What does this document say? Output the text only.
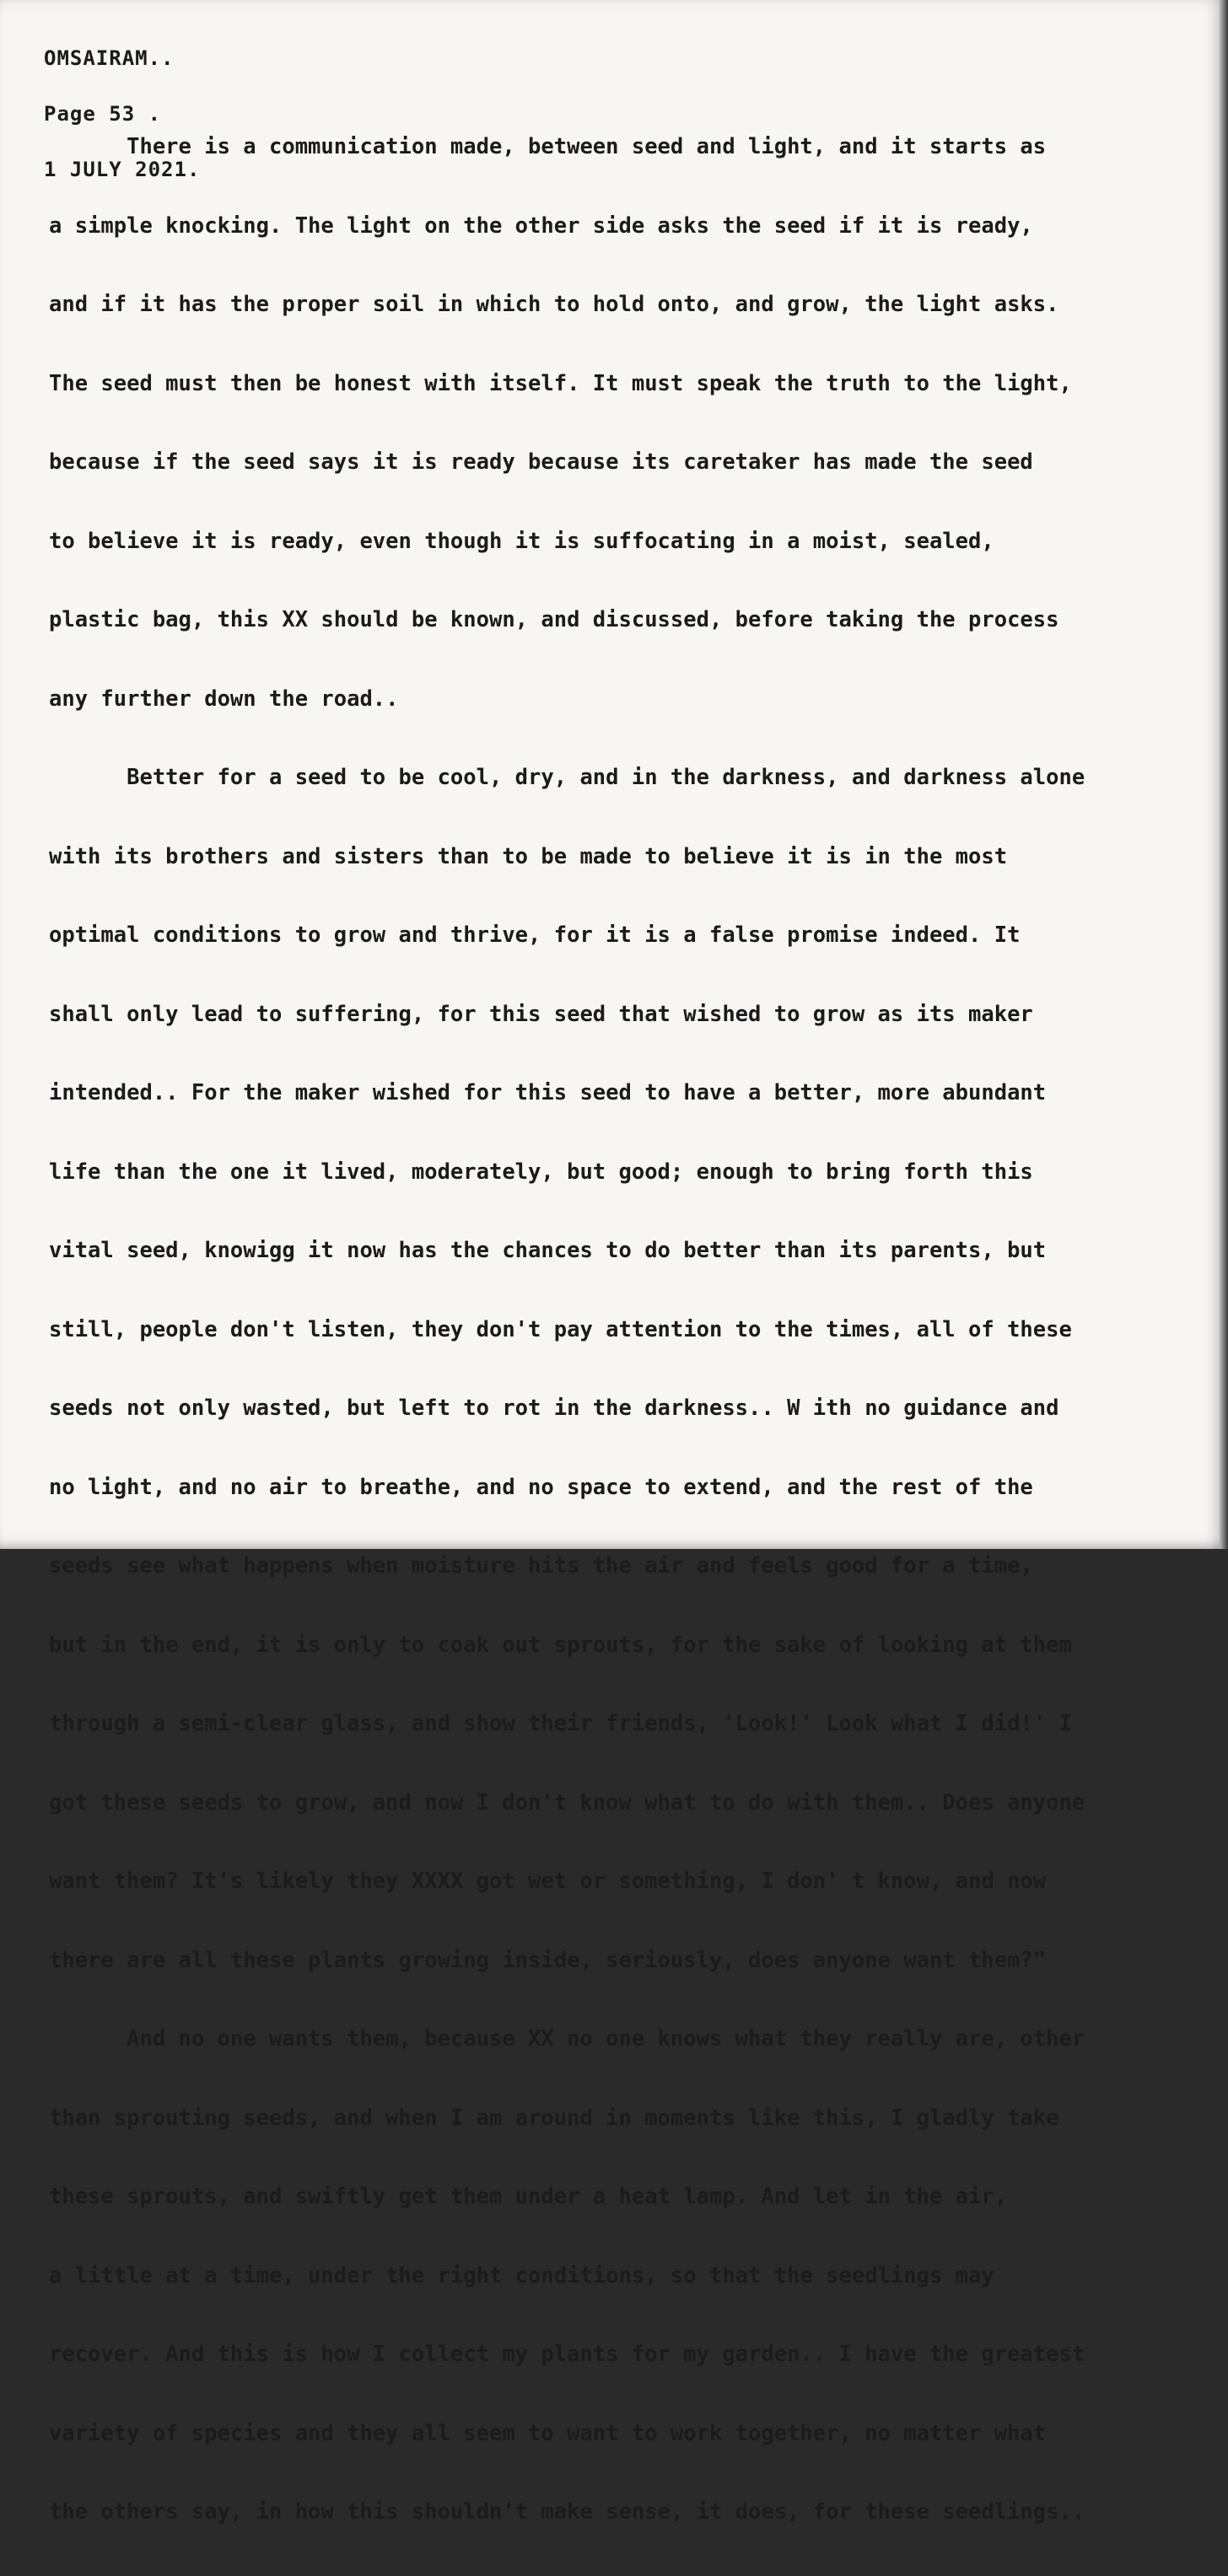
OMSAIRAM..

Page 53 .

1 JULY 2021.

There is a communication made, between seed and light, and it starts as

a simple knocking. The light on the other side asks the seed if it is ready,

and if it has the proper soil in which to hold onto, and grow, the light asks.

The seed must then be honest with itself. It must speak the truth to the light,

because if the seed says it is ready because its caretaker has made the seed

to believe it is ready, even though it is suffocating in a moist, sealed,

plastic bag, this XX should be known, and discussed, before taking the process

any further down the road..

Better for a seed to be cool, dry, and in the darkness, and darkness alone

with its brothers and sisters than to be made to believe it is in the most

optimal conditions to grow and thrive, for it is a false promise indeed. It

shall only lead to suffering, for this seed that wished to grow as its maker

intended.. For the maker wished for this seed to have a better, more abundant

life than the one it lived, moderately, but good; enough to bring forth this

vital seed, knowigg it now has the chances to do better than its parents, but

still, people don't listen, they don't pay attention to the times, all of these

seeds not only wasted, but left to rot in the darkness.. W ith no guidance and

no light, and no air to breathe, and no space to extend, and the rest of the

seeds see what happens when moisture hits the air and feels good for a time,

but in the end, it is only to coak out sprouts, for the sake of looking at them

through a semi-clear glass, and show their friends, 'Look!' Look what I did!' I

got these seeds to grow, and now I don't know what to do with them.. Does anyone

want them? It's likely they XXXX got wet or something, I don' t know, and now

there are all these plants growing inside, seriously, does anyone want them?"

And no one wants them, because XX no one knows what they really are, other

than sprouting seeds, and when I am around in moments like this, I gladly take

these sprouts, and swiftly get them under a heat lamp. And let in the air,

a little at a time, under the right conditions, so that the seedlings may

recover. And this is how I collect my plants for my garden.. I have the greatest

variety of species and they all seem to want to work together, no matter what

the others say, in how this shouldn't make sense, it does, for these seedlings..
